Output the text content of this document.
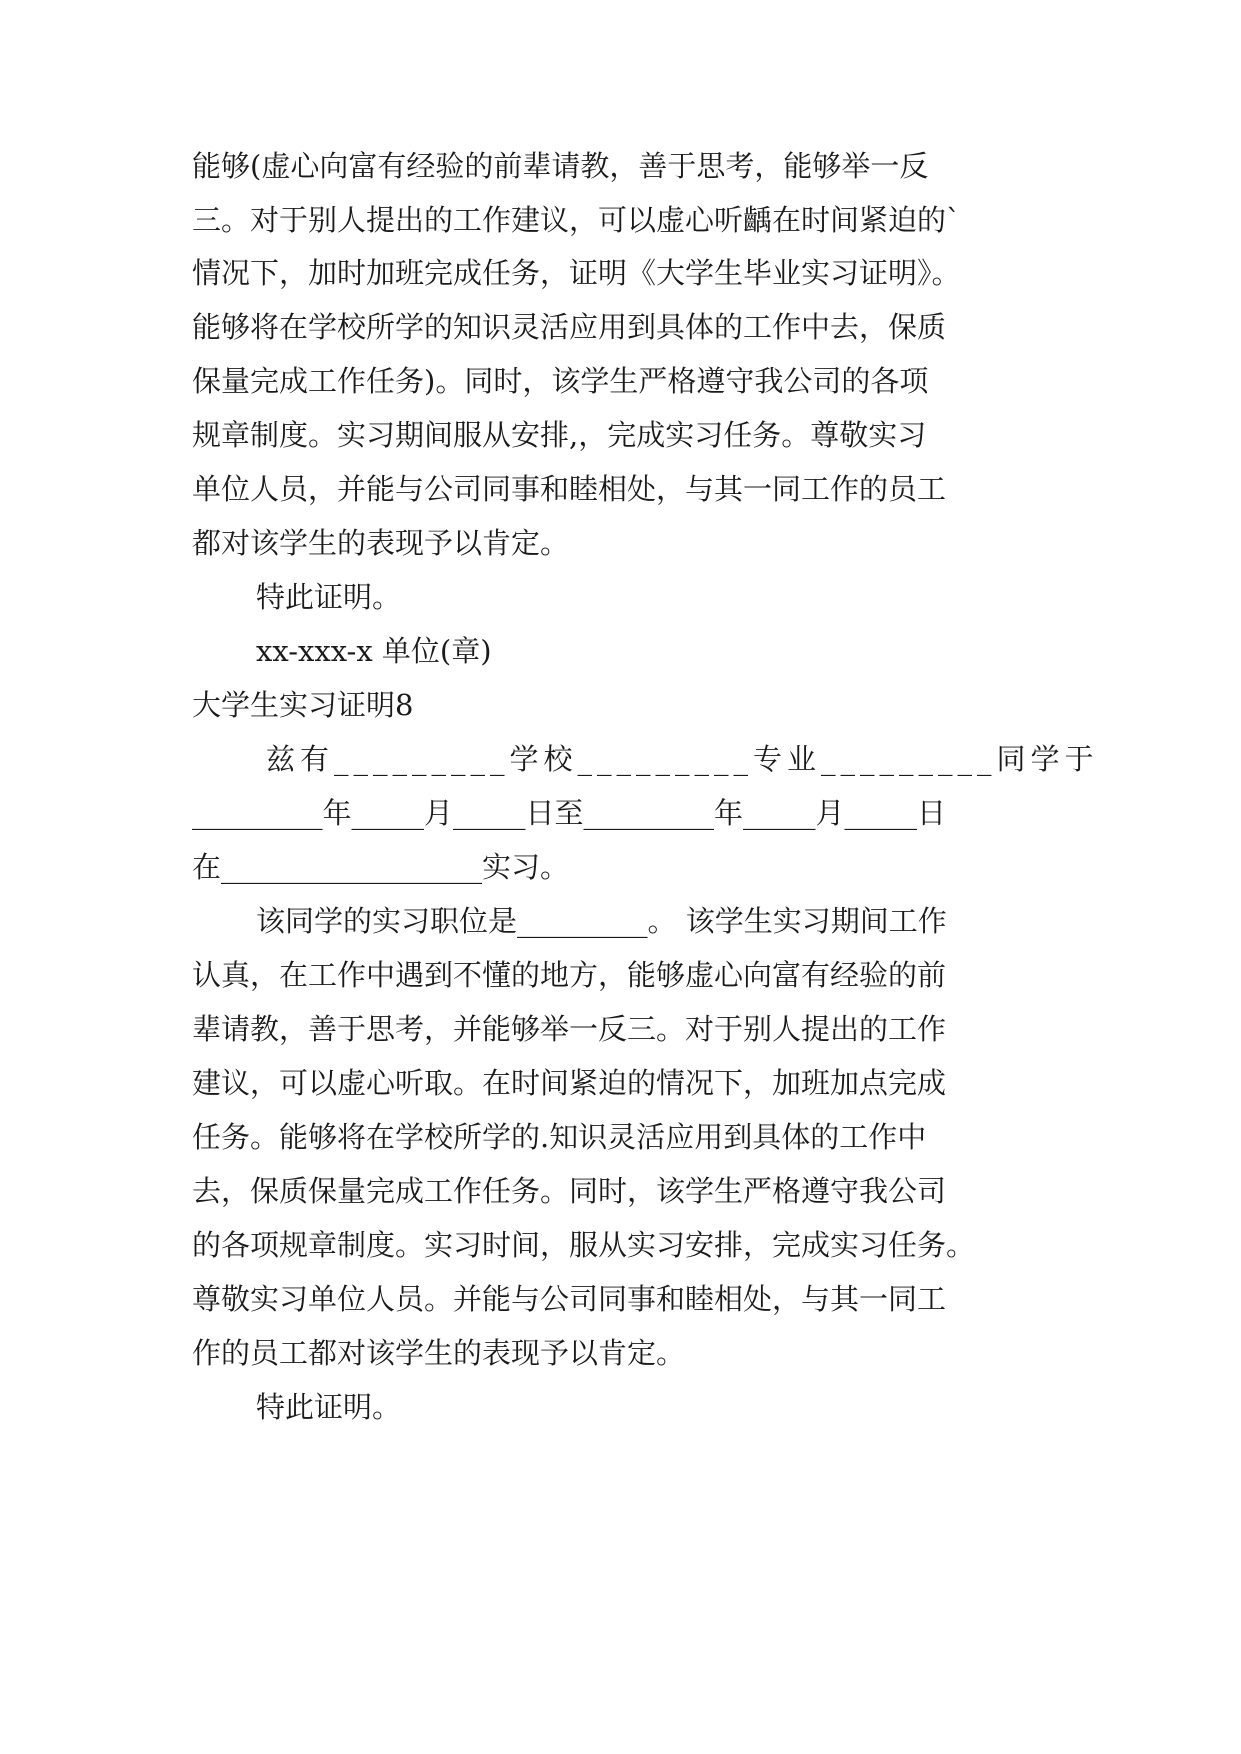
能够(虚心向富有经验的前辈请教，善于思考，能够举一反
三。对于别人提出的工作建议，可以虚心听齲在时间紧迫的`
情况下，加时加班完成任务，证明《大学生毕业实习证明》。
能够将在学校所学的知识灵活应用到具体的工作中去，保质
保量完成工作任务)。同时，该学生严格遵守我公司的各项
规章制度。实习期间服从安排,，完成实习任务。尊敬实习
单位人员，并能与公司同事和睦相处，与其一同工作的员工
都对该学生的表现予以肯定。
特此证明。
xx-xxx-x 单位(章)
大学生实习证明8
兹有_________学校_________专业_________同学于
_________年_____月_____日至_________年_____月_____日
在__________________实习。
该同学的实习职位是_________。 该学生实习期间工作
认真，在工作中遇到不懂的地方，能够虚心向富有经验的前
辈请教，善于思考，并能够举一反三。对于别人提出的工作
建议，可以虚心听取。在时间紧迫的情况下，加班加点完成
任务。能够将在学校所学的.知识灵活应用到具体的工作中
去，保质保量完成工作任务。同时，该学生严格遵守我公司
的各项规章制度。实习时间，服从实习安排，完成实习任务。
尊敬实习单位人员。并能与公司同事和睦相处，与其一同工
作的员工都对该学生的表现予以肯定。
特此证明。
